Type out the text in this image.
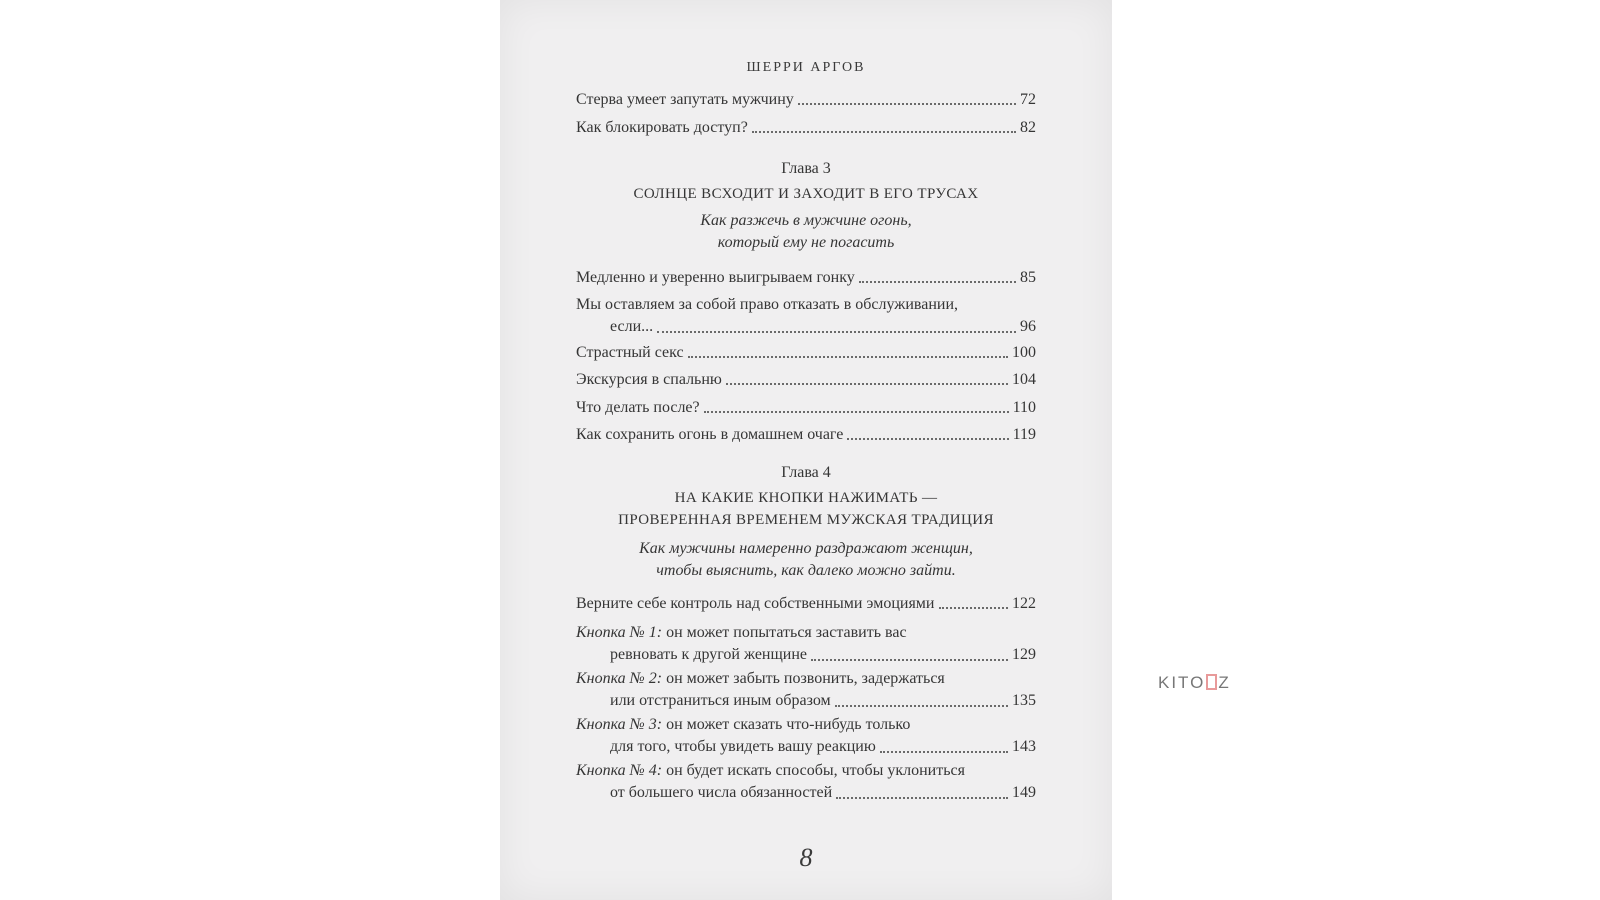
ШЕРРИ АРГОВ
Стерва умеет запутать мужчину	72
Как блокировать доступ?	82
Глава 3
СОЛНЦЕ ВСХОДИТ И ЗАХОДИТ В ЕГО ТРУСАХ
Как разжечь в мужчине огонь,
который ему не погасить
Медленно и уверенно выигрываем гонку	85
Мы оставляем за собой право отказать в обслуживании,
если...	96
Страстный секс	100
Экскурсия в спальню	104
Что делать после?	110
Как сохранить огонь в домашнем очаге	119
Глава 4
НА КАКИЕ КНОПКИ НАЖИМАТЬ —
ПРОВЕРЕННАЯ ВРЕМЕНЕМ МУЖСКАЯ ТРАДИЦИЯ
Как мужчины намеренно раздражают женщин,
чтобы выяснить, как далеко можно зайти.
Верните себе контроль над собственными эмоциями	122
Кнопка № 1: он может попытаться заставить вас
ревновать к другой женщине	129
Кнопка № 2: он может забыть позвонить, задержаться
или отстраниться иным образом	135
Кнопка № 3: он может сказать что-нибудь только
для того, чтобы увидеть вашу реакцию	143
Кнопка № 4: он будет искать способы, чтобы уклониться
от большего числа обязанностей	149
8
KITO Z
